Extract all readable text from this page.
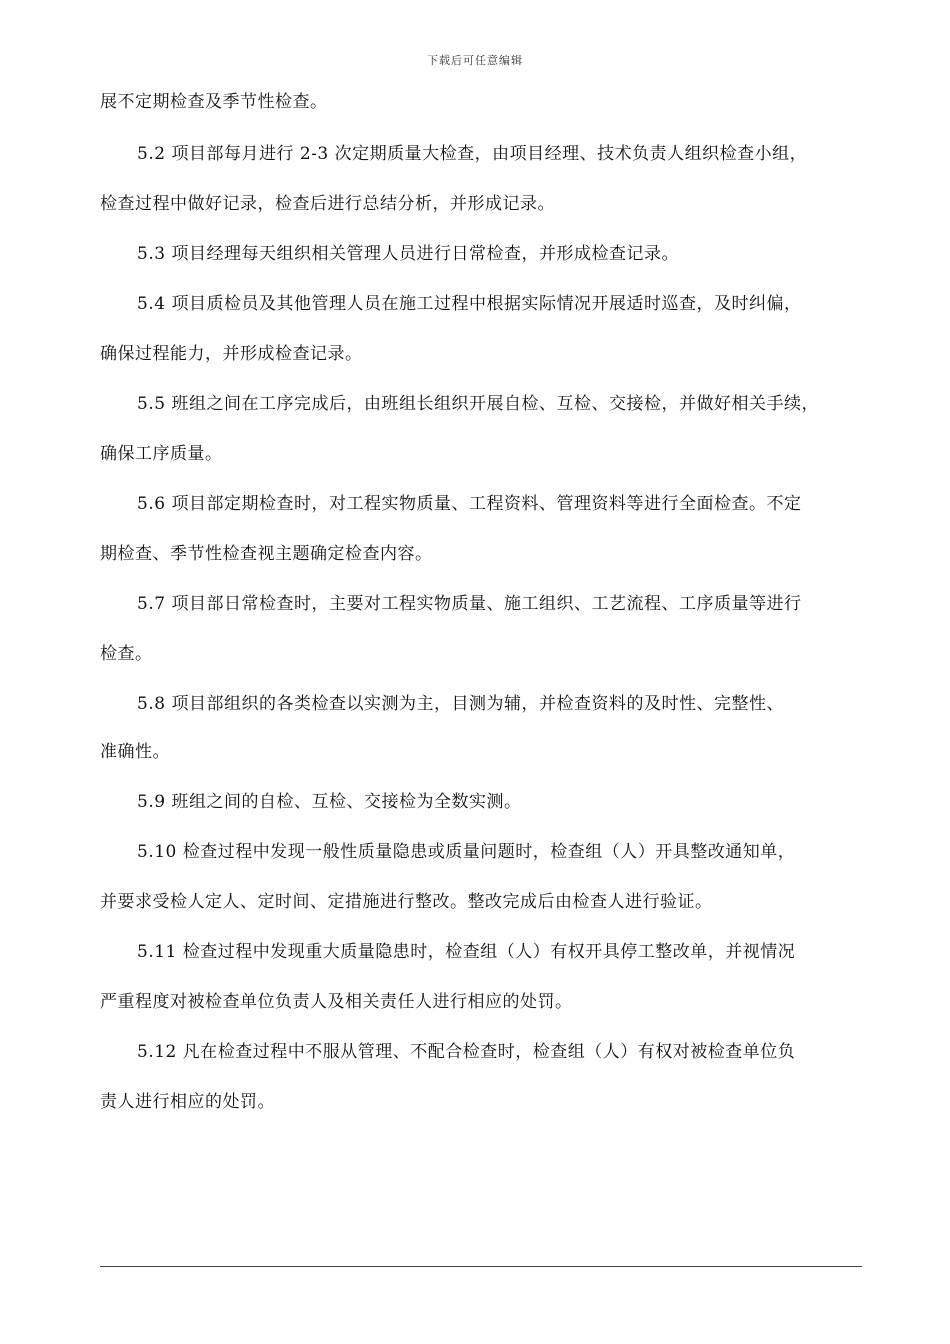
下载后可任意编辑
展不定期检查及季节性检查。
5.2 项目部每月进行 2-3 次定期质量大检查，由项目经理、技术负责人组织检查小组，
检查过程中做好记录，检查后进行总结分析，并形成记录。
5.3 项目经理每天组织相关管理人员进行日常检查，并形成检查记录。
5.4 项目质检员及其他管理人员在施工过程中根据实际情况开展适时巡查，及时纠偏，
确保过程能力，并形成检查记录。
5.5 班组之间在工序完成后，由班组长组织开展自检、互检、交接检，并做好相关手续，
确保工序质量。
5.6 项目部定期检查时，对工程实物质量、工程资料、管理资料等进行全面检查。不定
期检查、季节性检查视主题确定检查内容。
5.7 项目部日常检查时，主要对工程实物质量、施工组织、工艺流程、工序质量等进行
检查。
5.8 项目部组织的各类检查以实测为主，目测为辅，并检查资料的及时性、完整性、
准确性。
5.9 班组之间的自检、互检、交接检为全数实测。
5.10 检查过程中发现一般性质量隐患或质量问题时，检查组（人）开具整改通知单，
并要求受检人定人、定时间、定措施进行整改。整改完成后由检查人进行验证。
5.11 检查过程中发现重大质量隐患时，检查组（人）有权开具停工整改单，并视情况
严重程度对被检查单位负责人及相关责任人进行相应的处罚。
5.12 凡在检查过程中不服从管理、不配合检查时，检查组（人）有权对被检查单位负
责人进行相应的处罚。
